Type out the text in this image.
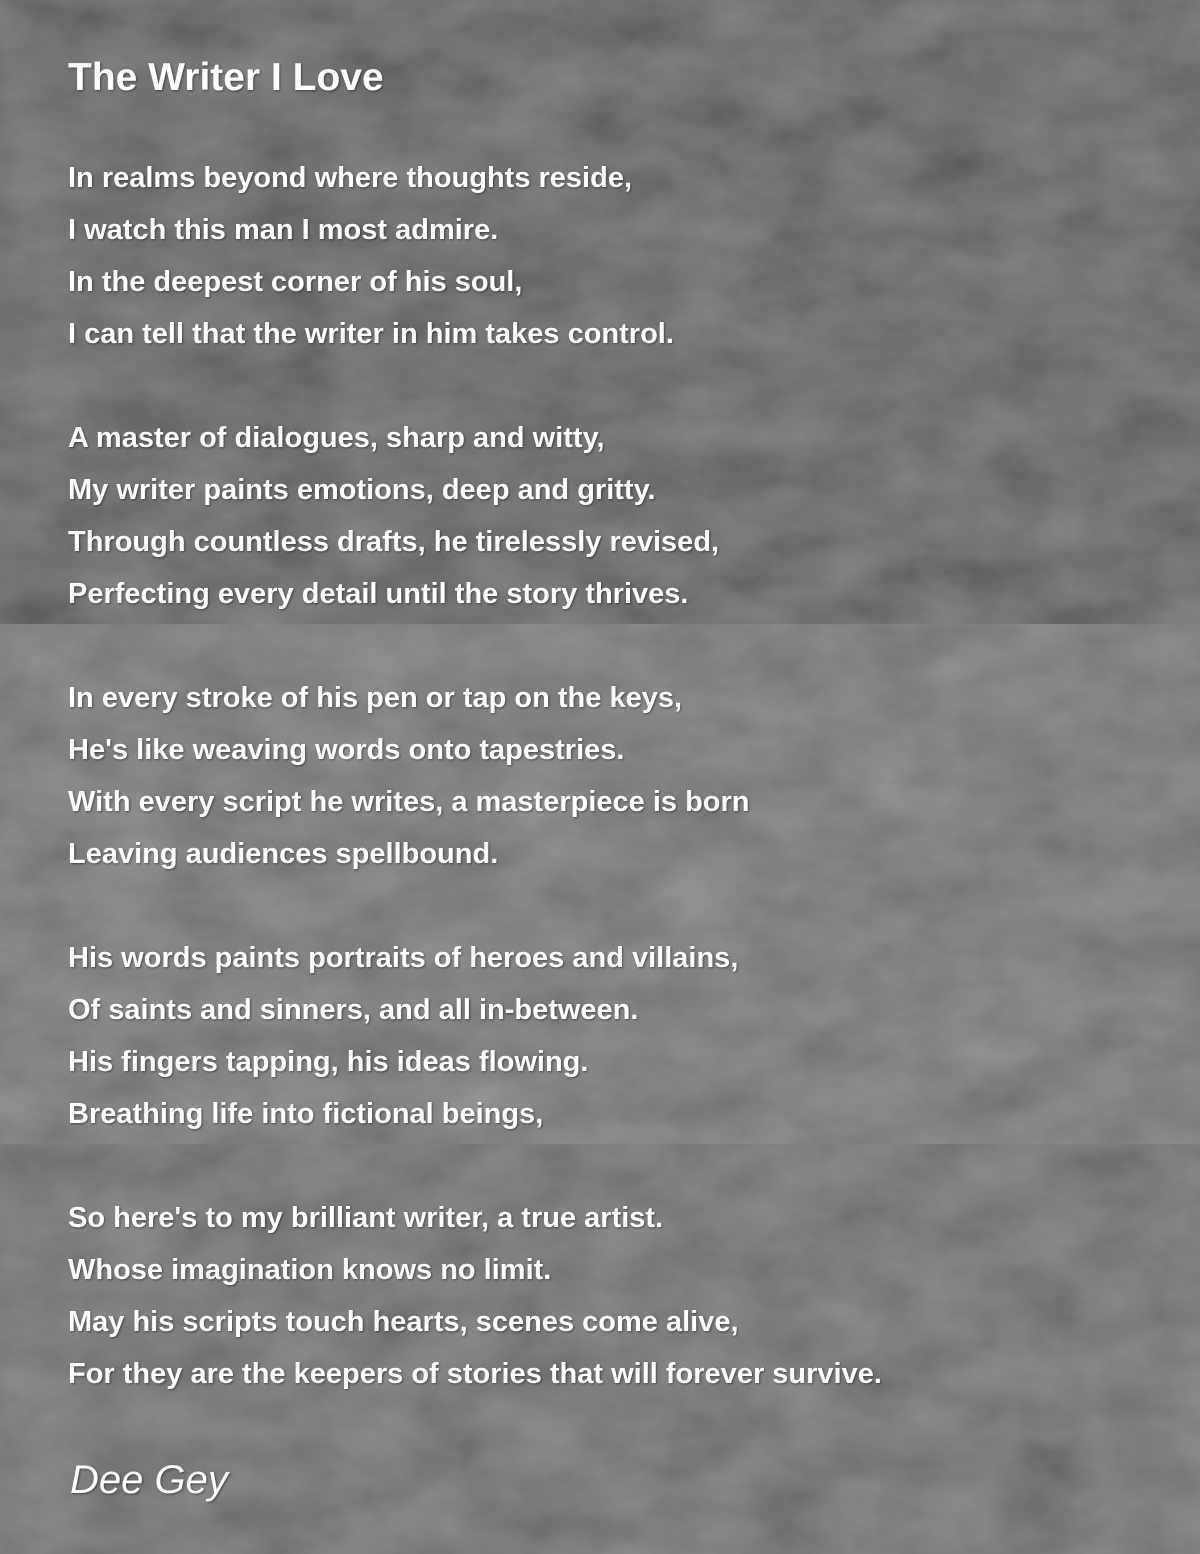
The Writer I Love
In realms beyond where thoughts reside,
I watch this man I most admire.
In the deepest corner of his soul,
I can tell that the writer in him takes control.
A master of dialogues, sharp and witty,
My writer paints emotions, deep and gritty.
Through countless drafts, he tirelessly revised,
Perfecting every detail until the story thrives.
In every stroke of his pen or tap on the keys,
He's like weaving words onto tapestries.
With every script he writes, a masterpiece is born
Leaving audiences spellbound.
His words paints portraits of heroes and villains,
Of saints and sinners, and all in-between.
His fingers tapping, his ideas flowing.
Breathing life into fictional beings,
So here's to my brilliant writer, a true artist.
Whose imagination knows no limit.
May his scripts touch hearts, scenes come alive,
For they are the keepers of stories that will forever survive.

Dee Gey
